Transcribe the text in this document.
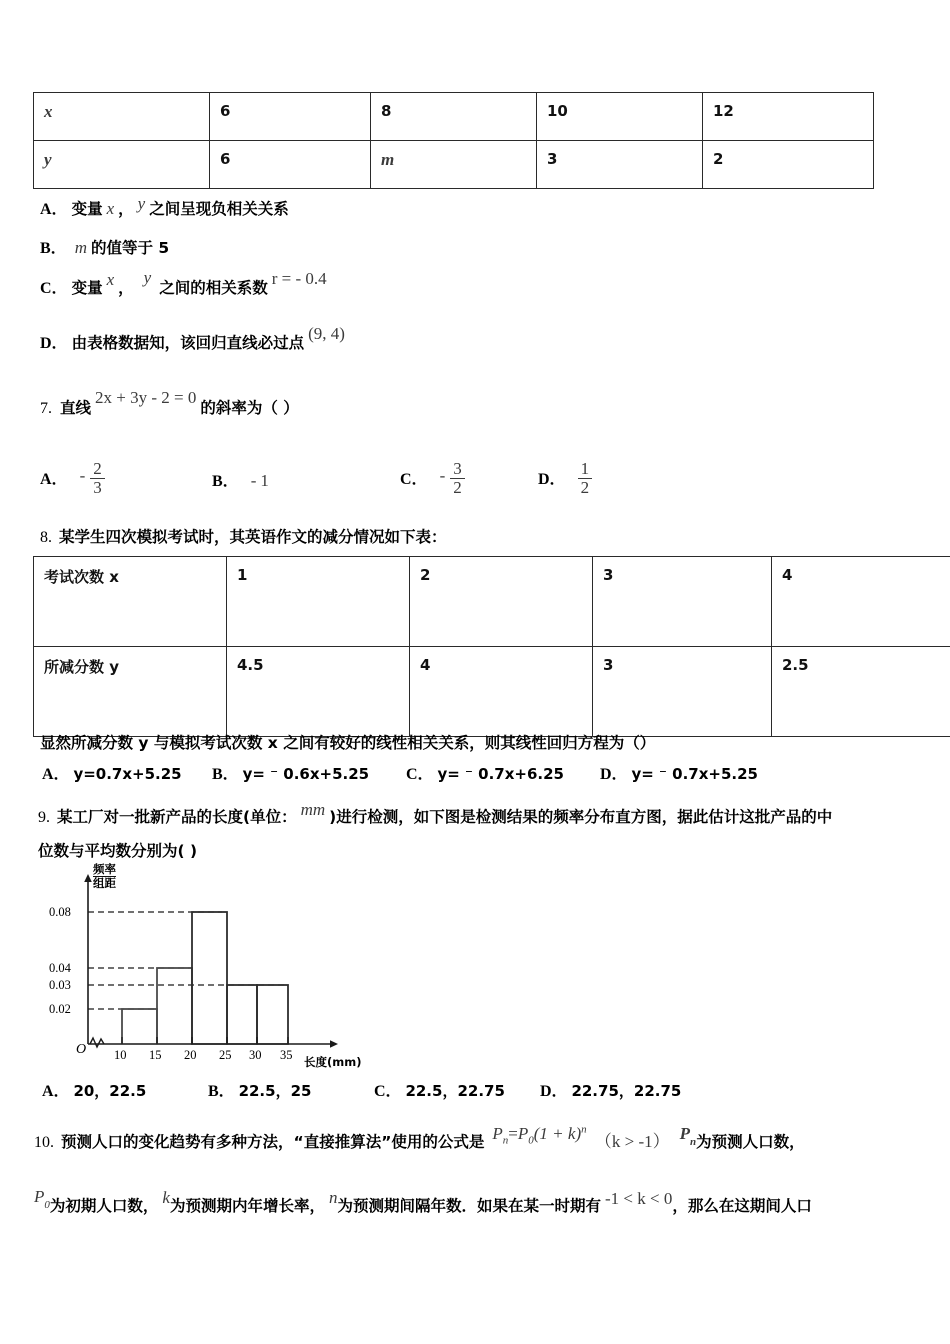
x	6	8	10	12
y	6	m	3	2
A． 变量 x ， y 之间呈现负相关关系
B． m 的值等于 5
C． 变量 x ， y 之间的相关系数 r = - 0.4
D． 由表格数据知，该回归直线必过点 (9, 4)
7. 直线 2x + 3y - 2 = 0 的斜率为（ ）
A． - $\frac{2}{3}$	B． - 1	C． - $\frac{3}{2}$	D． $\frac{1}{2}$
8. 某学生四次模拟考试时，其英语作文的减分情况如下表：
考试次数 x	1	2	3	4
所减分数 y	4.5	4	3	2.5
显然所减分数 y 与模拟考试次数 x 之间有较好的线性相关关系，则其线性回归方程为（）
A． y=0.7x+5.25 B． y= ⁻ 0.6x+5.25 C． y= ⁻ 0.7x+6.25 D． y= ⁻ 0.7x+5.25
9. 某工厂对一批新产品的长度(单位： mm )进行检测，如下图是检测结果的频率分布直方图，据此估计这批产品的中
位数与平均数分别为( )
频率
组距
0.08
0.04
0.03
0.02
O 10 15 20 25 30 35 长度(mm)
A． 20，22.5	B． 22.5，25	C． 22.5，22.75 D． 22.75，22.75
10. 预测人口的变化趋势有多种方法，“直接推算法”使用的公式是 $P_n=P_0(1 + k)^n$ （k > -1） $P_n$为预测人口数，
$P_0$为初期人口数， k为预测期内年增长率， n为预测期间隔年数．如果在某一时期有 -1 < k < 0，那么在这期间人口
